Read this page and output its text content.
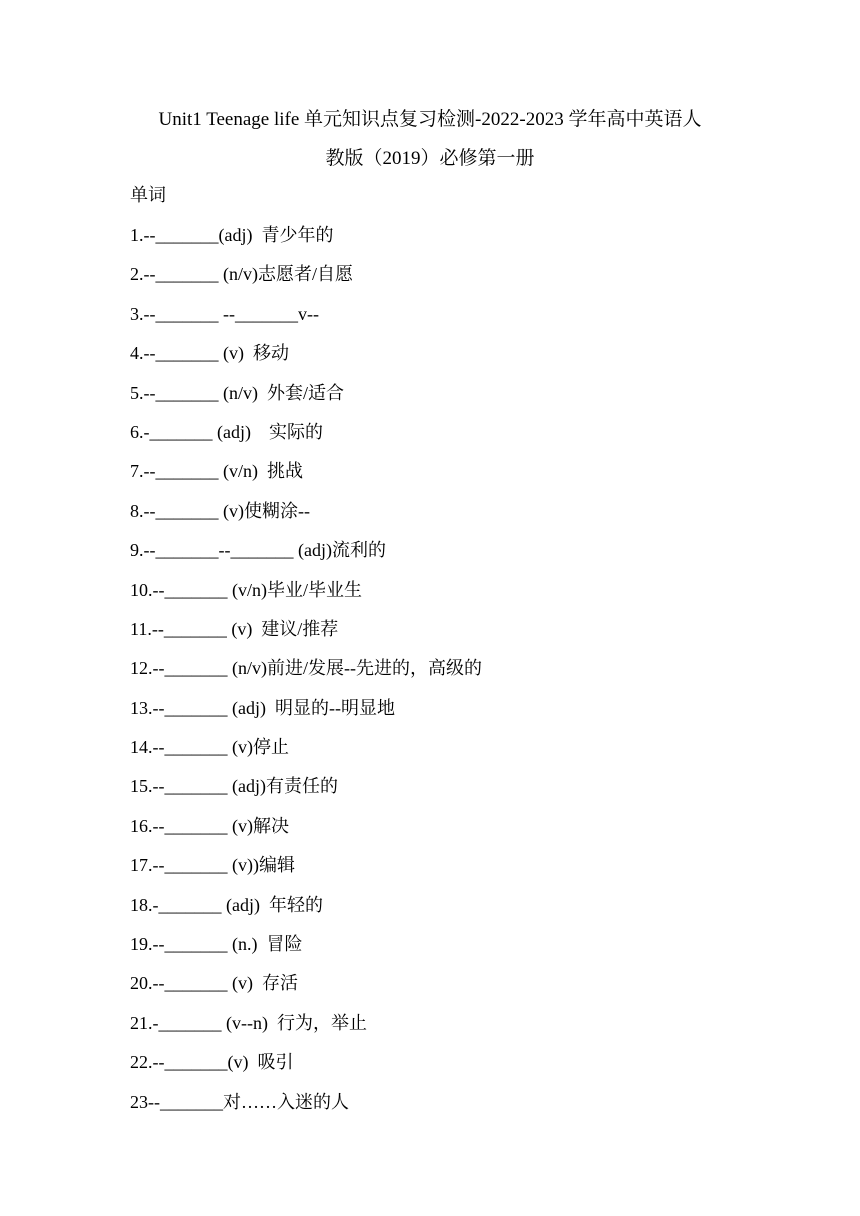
Unit1 Teenage life 单元知识点复习检测-2022-2023 学年高中英语人
教版（2019）必修第一册
单词
1.--_______(adj)  青少年的
2.--_______ (n/v)志愿者/自愿
3.--_______ --_______v--
4.--_______ (v)  移动
5.--_______ (n/v)  外套/适合
6.-_______ (adj)    实际的
7.--_______ (v/n)  挑战
8.--_______ (v)使糊涂--
9.--_______--_______ (adj)流利的
10.--_______ (v/n)毕业/毕业生
11.--_______ (v)  建议/推荐
12.--_______ (n/v)前进/发展--先进的，高级的
13.--_______ (adj)  明显的--明显地
14.--_______ (v)停止
15.--_______ (adj)有责任的
16.--_______ (v)解决
17.--_______ (v))编辑
18.-_______ (adj)  年轻的
19.--_______ (n.)  冒险
20.--_______ (v)  存活
21.-_______ (v--n)  行为，举止
22.--_______(v)  吸引
23--_______对……入迷的人
